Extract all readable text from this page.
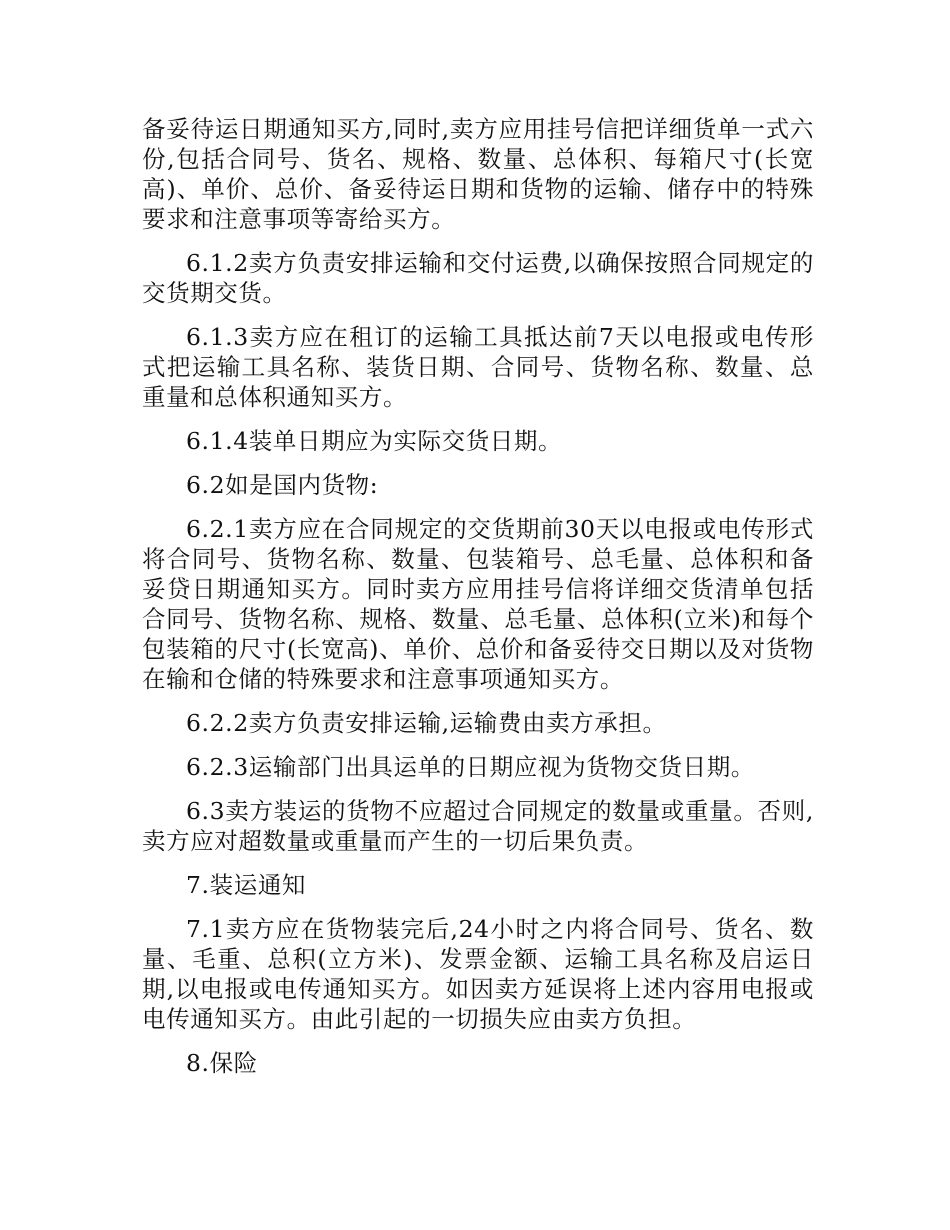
备妥待运日期通知买方,同时,卖方应用挂号信把详细货单一式六份,包括合同号、货名、规格、数量、总体积、每箱尺寸(长宽高)、单价、总价、备妥待运日期和货物的运输、储存中的特殊要求和注意事项等寄给买方。

6.1.2卖方负责安排运输和交付运费,以确保按照合同规定的交货期交货。

6.1.3卖方应在租订的运输工具抵达前7天以电报或电传形式把运输工具名称、装货日期、合同号、货物名称、数量、总重量和总体积通知买方。

6.1.4装单日期应为实际交货日期。

6.2如是国内货物:

6.2.1卖方应在合同规定的交货期前30天以电报或电传形式将合同号、货物名称、数量、包装箱号、总毛量、总体积和备妥贷日期通知买方。同时卖方应用挂号信将详细交货清单包括合同号、货物名称、规格、数量、总毛量、总体积(立米)和每个包装箱的尺寸(长宽高)、单价、总价和备妥待交日期以及对货物在输和仓储的特殊要求和注意事项通知买方。

6.2.2卖方负责安排运输,运输费由卖方承担。

6.2.3运输部门出具运单的日期应视为货物交货日期。

6.3卖方装运的货物不应超过合同规定的数量或重量。否则,卖方应对超数量或重量而产生的一切后果负责。

7.装运通知

7.1卖方应在货物装完后,24小时之内将合同号、货名、数量、毛重、总积(立方米)、发票金额、运输工具名称及启运日期,以电报或电传通知买方。如因卖方延误将上述内容用电报或电传通知买方。由此引起的一切损失应由卖方负担。

8.保险
